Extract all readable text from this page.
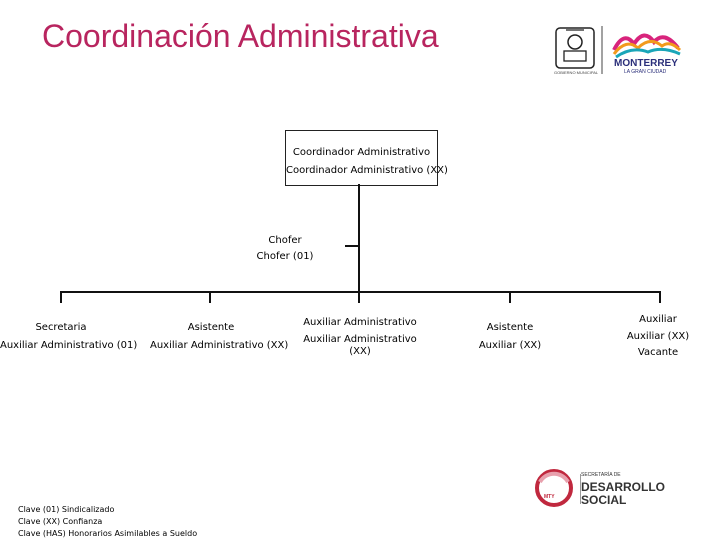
Coordinación Administrativa
MONTERREY
LA GRAN CIUDAD
GOBIERNO MUNICIPAL
Coordinador Administrativo
Coordinador Administrativo (XX)
Chofer
Chofer (01)
Secretaria
Auxiliar Administrativo (01)
Asistente
Auxiliar Administrativo (XX)
Auxiliar Administrativo
Auxiliar Administrativo (XX)
Asistente
Auxiliar (XX)
Auxiliar
Auxiliar (XX)
Vacante
Clave (01) Sindicalizado
Clave (XX) Confianza
Clave (HAS) Honorarios Asimilables a Sueldo
MTY
SECRETARÍA DE
DESARROLLO
SOCIAL
